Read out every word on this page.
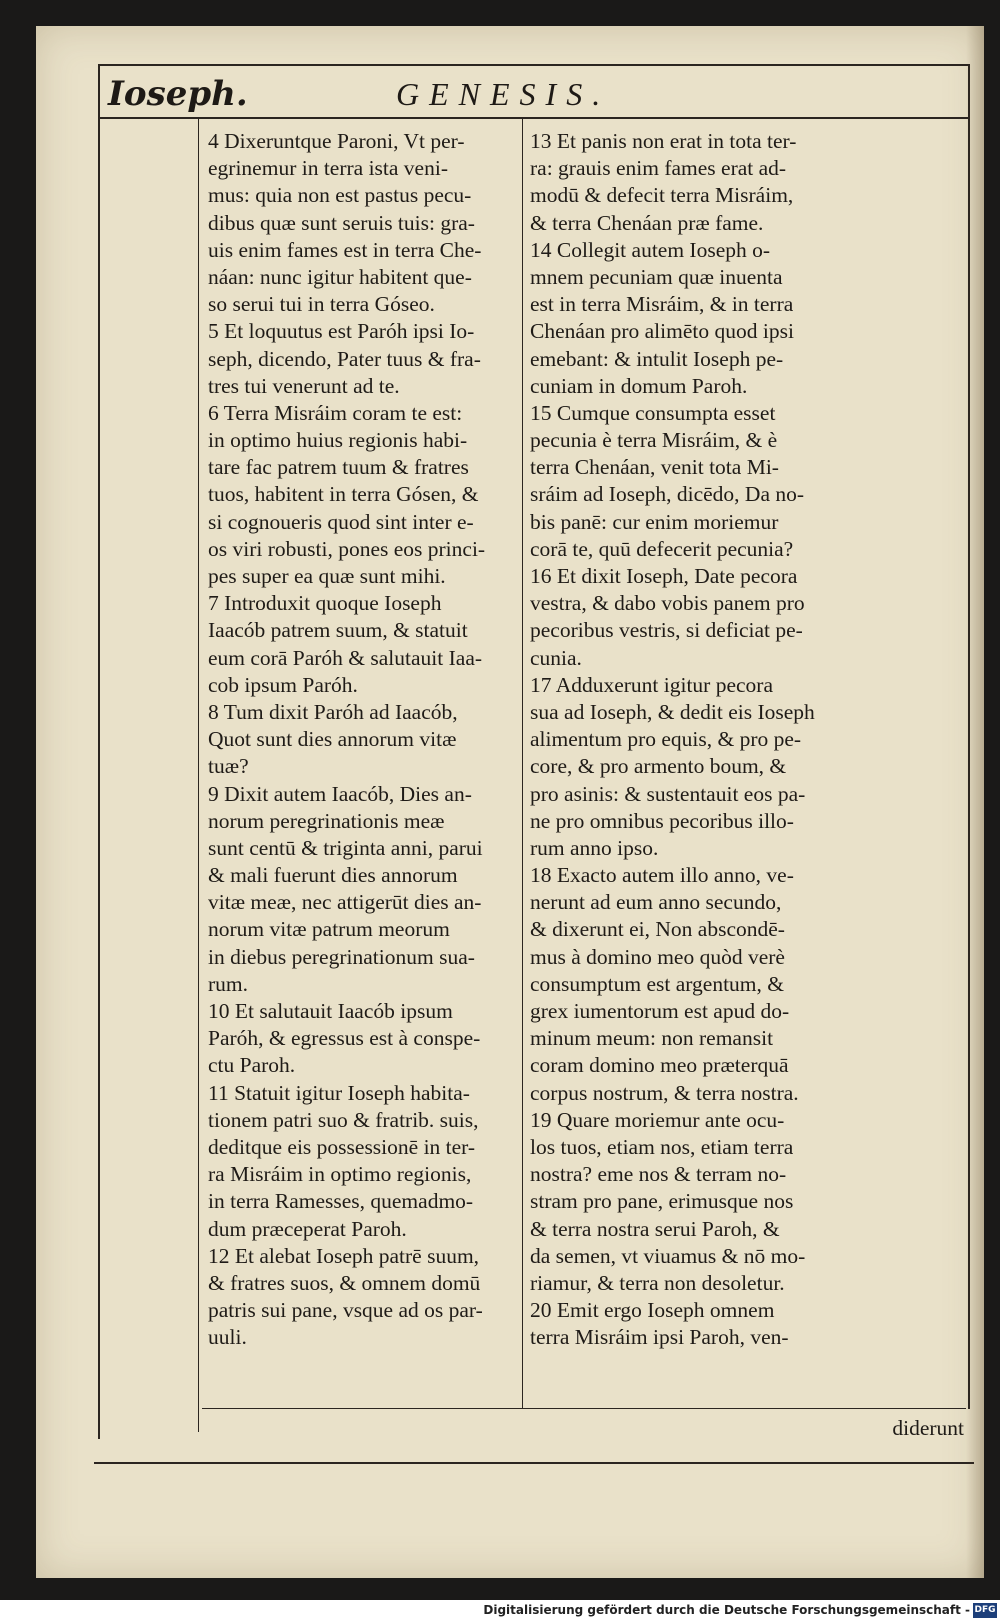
Ioseph.	GENESIS.
4 Dixeruntque Paroni, Vt per-
egrinemur in terra ista veni-
mus: quia non est pastus pecu-
dibus quæ sunt seruis tuis: gra-
uis enim fames est in terra Che-
náan: nunc igitur habitent que-
so serui tui in terra Góseo.
5 Et loquutus est Paróh ipsi Io-
seph, dicendo, Pater tuus & fra-
tres tui venerunt ad te.
6 Terra Misráim coram te est:
in optimo huius regionis habi-
tare fac patrem tuum & fratres
tuos, habitent in terra Gósen, &
si cognoueris quod sint inter e-
os viri robusti, pones eos princi-
pes super ea quæ sunt mihi.
7 Introduxit quoque Ioseph
Iaacób patrem suum, & statuit
eum corā Paróh & salutauit Iaa-
cob ipsum Paróh.
8 Tum dixit Paróh ad Iaacób,
Quot sunt dies annorum vitæ
tuæ?
9 Dixit autem Iaacób, Dies an-
norum peregrinationis meæ
sunt centū & triginta anni, parui
& mali fuerunt dies annorum
vitæ meæ, nec attigerūt dies an-
norum vitæ patrum meorum
in diebus peregrinationum sua-
rum.
10 Et salutauit Iaacób ipsum
Paróh, & egressus est à conspe-
ctu Paroh.
11 Statuit igitur Ioseph habita-
tionem patri suo & fratrib. suis,
deditque eis possessionē in ter-
ra Misráim in optimo regionis,
in terra Ramesses, quemadmo-
dum præceperat Paroh.
12 Et alebat Ioseph patrē suum,
& fratres suos, & omnem domū
patris sui pane, vsque ad os par-
uuli.
13 Et panis non erat in tota ter-
ra: grauis enim fames erat ad-
modū & defecit terra Misráim,
& terra Chenáan præ fame.
14 Collegit autem Ioseph o-
mnem pecuniam quæ inuenta
est in terra Misráim, & in terra
Chenáan pro alimēto quod ipsi
emebant: & intulit Ioseph pe-
cuniam in domum Paroh.
15 Cumque consumpta esset
pecunia è terra Misráim, & è
terra Chenáan, venit tota Mi-
sráim ad Ioseph, dicēdo, Da no-
bis panē: cur enim moriemur
corā te, quū defecerit pecunia?
16 Et dixit Ioseph, Date pecora
vestra, & dabo vobis panem pro
pecoribus vestris, si deficiat pe-
cunia.
17 Adduxerunt igitur pecora
sua ad Ioseph, & dedit eis Ioseph
alimentum pro equis, & pro pe-
core, & pro armento boum, &
pro asinis: & sustentauit eos pa-
ne pro omnibus pecoribus illo-
rum anno ipso.
18 Exacto autem illo anno, ve-
nerunt ad eum anno secundo,
& dixerunt ei, Non abscondē-
mus à domino meo quòd verè
consumptum est argentum, &
grex iumentorum est apud do-
minum meum: non remansit
coram domino meo præterquā
corpus nostrum, & terra nostra.
19 Quare moriemur ante ocu-
los tuos, etiam nos, etiam terra
nostra? eme nos & terram no-
stram pro pane, erimusque nos
& terra nostra serui Paroh, &
da semen, vt viuamus & nō mo-
riamur, & terra non desoletur.
20 Emit ergo Ioseph omnem
terra Misráim ipsi Paroh, ven-
diderunt
Digitalisierung gefördert durch die Deutsche Forschungsgemeinschaft - DFG
